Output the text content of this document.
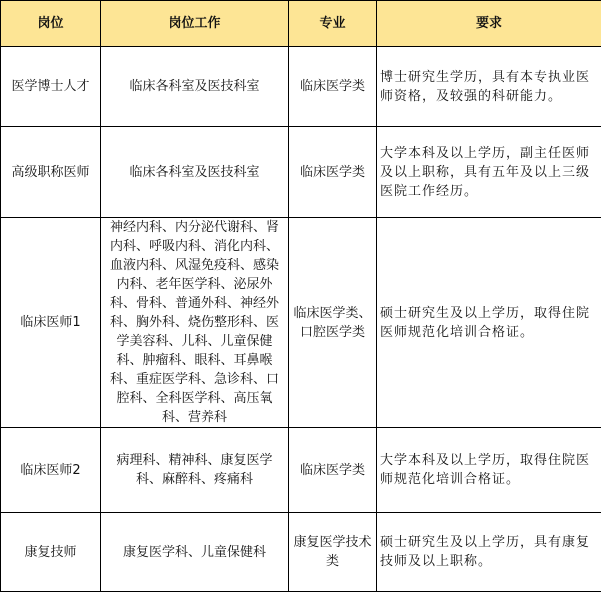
岗位	岗位工作	专业	要求
医学博士人才	临床各科室及医技科室	临床医学类	博士研究生学历，具有本专执业医师资格，及较强的科研能力。
高级职称医师	临床各科室及医技科室	临床医学类	大学本科及以上学历，副主任医师及以上职称，具有五年及以上三级医院工作经历。
临床医师1	神经内科、内分泌代谢科、肾内科、呼吸内科、消化内科、血液内科、风湿免疫科、感染内科、老年医学科、泌尿外科、骨科、普通外科、神经外科、胸外科、烧伤整形科、医学美容科、儿科、儿童保健科、肿瘤科、眼科、耳鼻喉科、重症医学科、急诊科、口腔科、全科医学科、高压氧科、营养科	临床医学类、口腔医学类	硕士研究生及以上学历，取得住院医师规范化培训合格证。
临床医师2	病理科、精神科、康复医学科、麻醉科、疼痛科	临床医学类	大学本科及以上学历，取得住院医师规范化培训合格证。
康复技师	康复医学科、儿童保健科	康复医学技术类	硕士研究生及以上学历，具有康复技师及以上职称。
